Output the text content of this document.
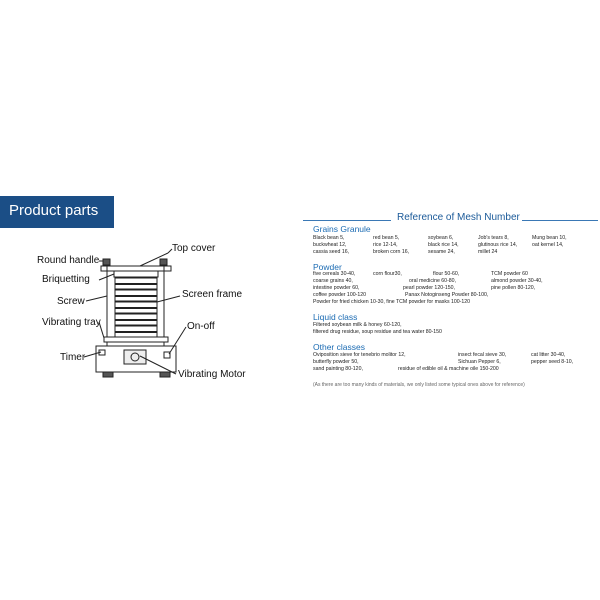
Product parts
Top cover
Round handle
Briquetting
Screw
Screen frame
Vibrating tray	On-off
Timer
Vibrating Motor
Reference of Mesh Number
Grains Granule
Black bean 5,	red bean 5,	soybean 6,	Job's tears 8,	Mung bean 10,
buckwheat 12,	rice 12-14,	black rice 14,	glutinous rice 14,	oat kernel 14,
cassia seed 16,	broken corn 16,	sesame 24,	millet 24
Powder
five cereals 30-40,	corn flour30,	flour 50-60,	TCM powder 60
coarse grains 40,	oral medicine 60-80,	almond powder 30-40,
intestine powder 60,	pearl powder 120-150,	pine pollen 80-120,
coffee powder 100-120	Panax Notoginseng Powder 80-100,
Powder for fried chicken 10-30, fine TCM powder for masks 100-120
Liquid class
Filtered soybean milk & honey 60-120,
filtered drug residue, soup residue and tea water 80-150
Other classes
Oviposition sieve for tenebrio molitor 12,	insect fecal sieve 30,	cat litter 30-40,
butterfly powder 50,	Sichuan Pepper 6,	pepper seed 8-10,
sand painting 80-120,	residue of edible oil & machine oile 150-200
(As there are too many kinds of materials, we only listed some typical ones above for reference)
